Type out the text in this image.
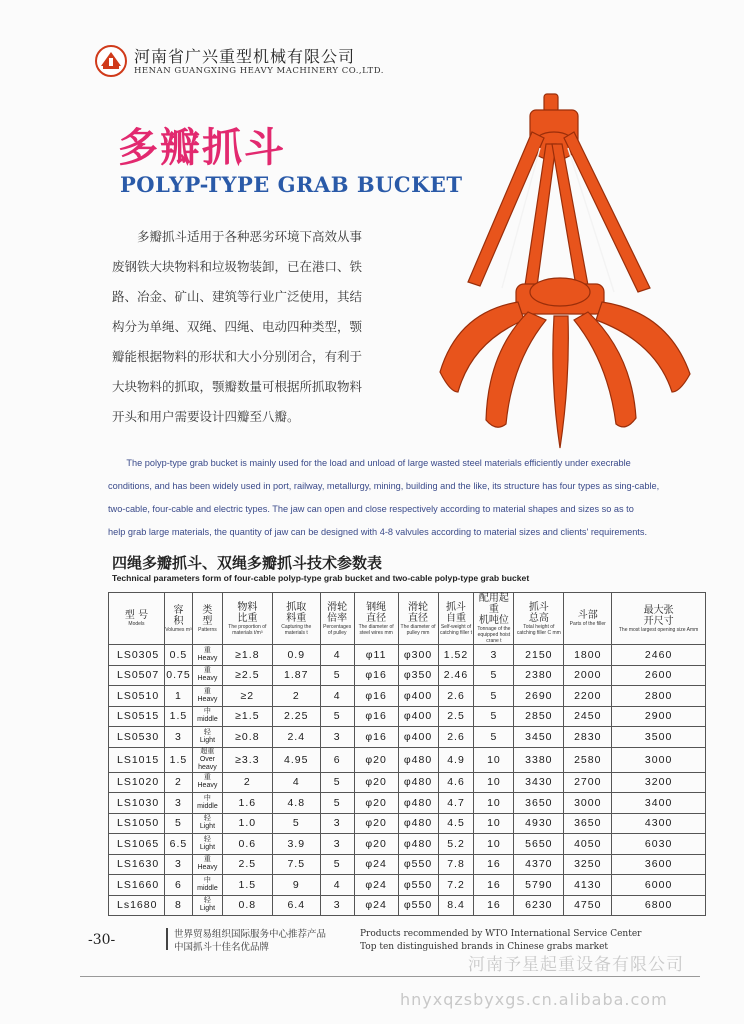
河南省广兴重型机械有限公司
HENAN GUANGXING HEAVY MACHINERY CO.,LTD.
多瓣抓斗
POLYP-TYPE GRAB BUCKET
　　多瓣抓斗适用于各种恶劣环境下高效从事
废钢铁大块物料和垃圾物装卸，已在港口、铁
路、冶金、矿山、建筑等行业广泛使用，其结
构分为单绳、双绳、四绳、电动四种类型，颚
瓣能根据物料的形状和大小分别闭合，有利于
大块物料的抓取，颚瓣数量可根据所抓取物料
开头和用户需要设计四瓣至八瓣。
　　The polyp-type grab bucket is mainly used for the load and unload of large wasted steel materials efficiently under execrable
conditions, and has been widely used in port, railway, metallurgy, mining, building and the like, its structure has four types as sing-cable,
two-cable, four-cable and electric types. The jaw can open and close respectively according to material shapes and sizes so as to
help grab large materials, the quantity of jaw can be designed with 4-8 valvules according to material sizes and clients' requirements.
四绳多瓣抓斗、双绳多瓣抓斗技术参数表
Technical parameters form of four-cable polyp-type grab bucket and two-cable polyp-type grab bucket
型 号
Models	容
积
Volumes m³	类
型
Patterns	物料
比重
The proportion of materials t/m³	抓取
料重
Capturing the materials t	滑轮
倍率
Percentages of pulley	钢绳
直径
The diameter of steel wires mm	滑轮
直径
The diameter of pulley mm	抓斗
自重
Self-weight of catching filler t	配用起重
机吨位
Tonnage of the equipped hoist crane t	抓斗
总高
Total height of catching filler C mm	斗部
Parts of the filler	最大张
开尺寸
The most largest opening size Amm

LS0305	0.5	重
Heavy	≥1.8	0.9	4	φ11	φ300	1.52	3	2150	1800	2460
LS0507	0.75	重
Heavy	≥2.5	1.87	5	φ16	φ350	2.46	5	2380	2000	2600
LS0510	1	重
Heavy	≥2	2	4	φ16	φ400	2.6	5	2690	2200	2800
LS0515	1.5	中
middle	≥1.5	2.25	5	φ16	φ400	2.5	5	2850	2450	2900
LS0530	3	轻
Light	≥0.8	2.4	3	φ16	φ400	2.6	5	3450	2830	3500
LS1015	1.5	超重
Over heavy	≥3.3	4.95	6	φ20	φ480	4.9	10	3380	2580	3000
LS1020	2	重
Heavy	2	4	5	φ20	φ480	4.6	10	3430	2700	3200
LS1030	3	中
middle	1.6	4.8	5	φ20	φ480	4.7	10	3650	3000	3400
LS1050	5	轻
Light	1.0	5	3	φ20	φ480	4.5	10	4930	3650	4300
LS1065	6.5	轻
Light	0.6	3.9	3	φ20	φ480	5.2	10	5650	4050	6030
LS1630	3	重
Heavy	2.5	7.5	5	φ24	φ550	7.8	16	4370	3250	3600
LS1660	6	中
middle	1.5	9	4	φ24	φ550	7.2	16	5790	4130	6000
Ls1680	8	轻
Light	0.8	6.4	3	φ24	φ550	8.4	16	6230	4750	6800
-30-	世界贸易组织国际服务中心推荐产品
中国抓斗十佳名优品牌
Products recommended by WTO International Service Center
Top ten distinguished brands in Chinese grabs market
河南予星起重设备有限公司
hnyxqzsbyxgs.cn.alibaba.com
